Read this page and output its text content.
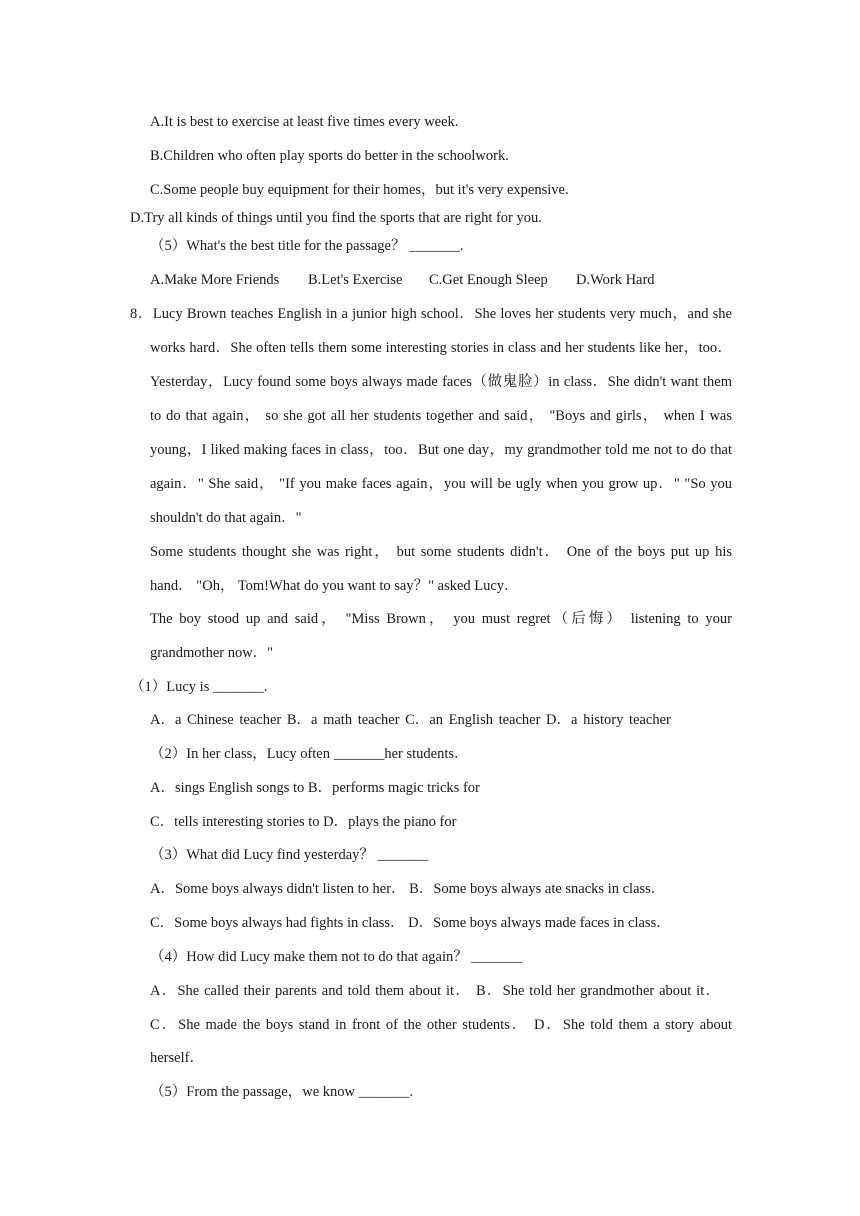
A.It is best to exercise at least five times every week.
B.Children who often play sports do better in the schoolwork.
C.Some people buy equipment for their homes，but it's very expensive.
D.Try all kinds of things until you find the sports that are right for you.
（5）What's the best title for the passage？ _______.
A.Make More Friends B.Let's Exercise C.Get Enough Sleep D.Work Hard
8．Lucy Brown teaches English in a junior high school．She loves her students very much，and she
works hard．She often tells them some interesting stories in class and her students like her，too．
Yesterday，Lucy found some boys always made faces（做鬼脸）in class．She didn't want them
to do that again， so she got all her students together and said， "Boys and girls， when I was
young，I liked making faces in class，too．But one day，my grandmother told me not to do that
again．" She said， "If you make faces again，you will be ugly when you grow up．" "So you
shouldn't do that again．"
Some students thought she was right， but some students didn't． One of the boys put up his
hand． "Oh， Tom!What do you want to say？" asked Lucy．
The boy stood up and said， "Miss Brown， you must regret（后悔） listening to your
grandmother now．"
（1）Lucy is _______.
A．a Chinese teacher B．a math teacher C．an English teacher D．a history teacher
（2）In her class，Lucy often _______her students．
A．sings English songs to B．performs magic tricks for
C．tells interesting stories to D．plays the piano for
（3）What did Lucy find yesterday？ _______
A．Some boys always didn't listen to her． B．Some boys always ate snacks in class．
C．Some boys always had fights in class． D．Some boys always made faces in class．
（4）How did Lucy make them not to do that again？ _______
A．She called their parents and told them about it． B．She told her grandmother about it．
C．She made the boys stand in front of the other students． D．She told them a story about
herself．
（5）From the passage，we know _______.
